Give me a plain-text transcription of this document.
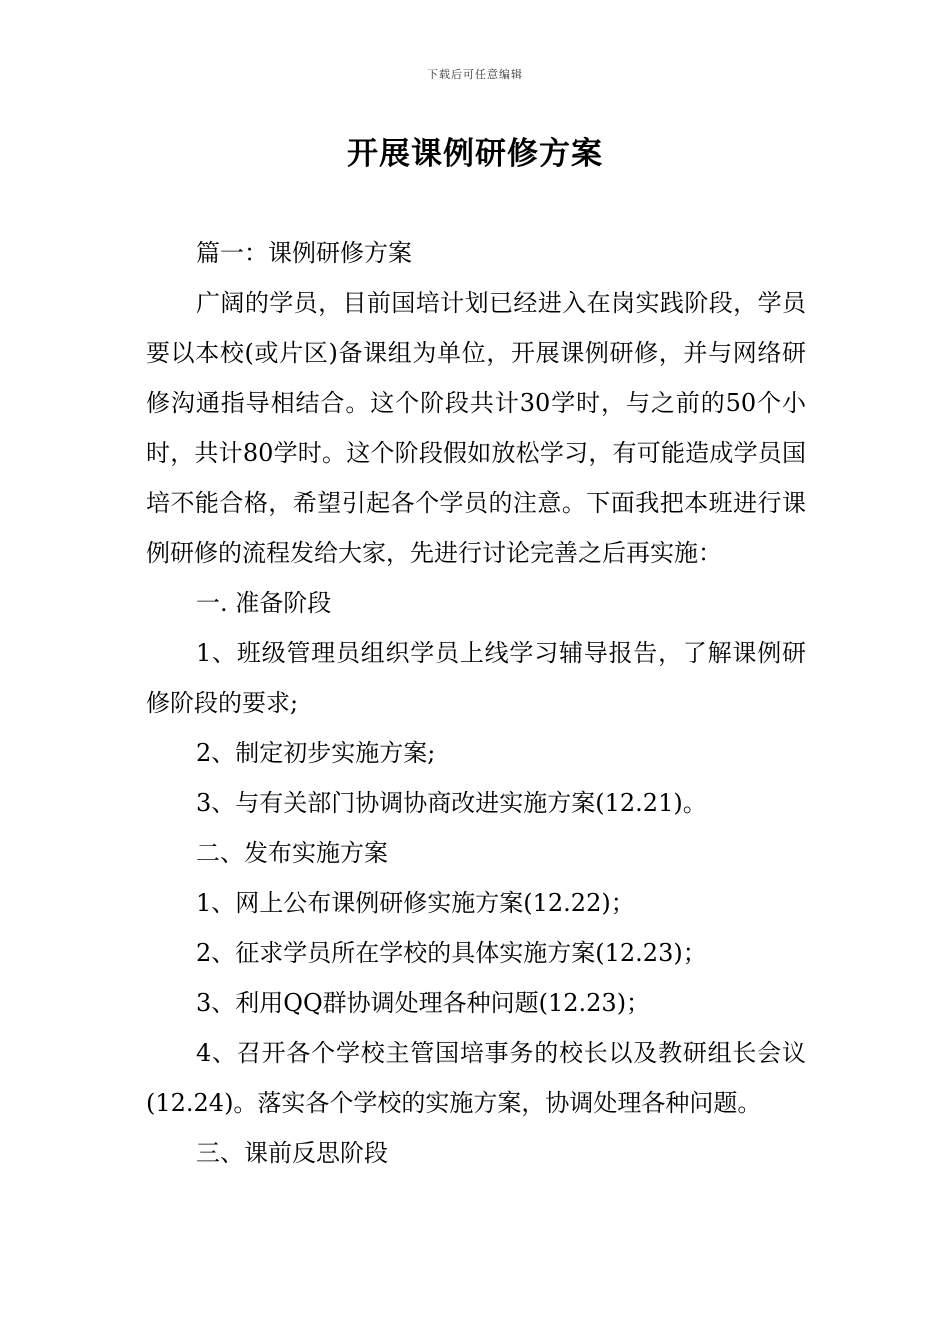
下载后可任意编辑
开展课例研修方案

篇一：课例研修方案

广阔的学员，目前国培计划已经进入在岗实践阶段，学员要以本校(或片区)备课组为单位，开展课例研修，并与网络研修沟通指导相结合。这个阶段共计30学时，与之前的50个小时，共计80学时。这个阶段假如放松学习，有可能造成学员国培不能合格，希望引起各个学员的注意。下面我把本班进行课例研修的流程发给大家，先进行讨论完善之后再实施：

一. 准备阶段

1、班级管理员组织学员上线学习辅导报告，了解课例研修阶段的要求;

2、制定初步实施方案;

3、与有关部门协调协商改进实施方案(12.21)。

二、发布实施方案

1、网上公布课例研修实施方案(12.22)；

2、征求学员所在学校的具体实施方案(12.23)；

3、利用QQ群协调处理各种问题(12.23)；

4、召开各个学校主管国培事务的校长以及教研组长会议(12.24)。落实各个学校的实施方案，协调处理各种问题。

三、课前反思阶段
